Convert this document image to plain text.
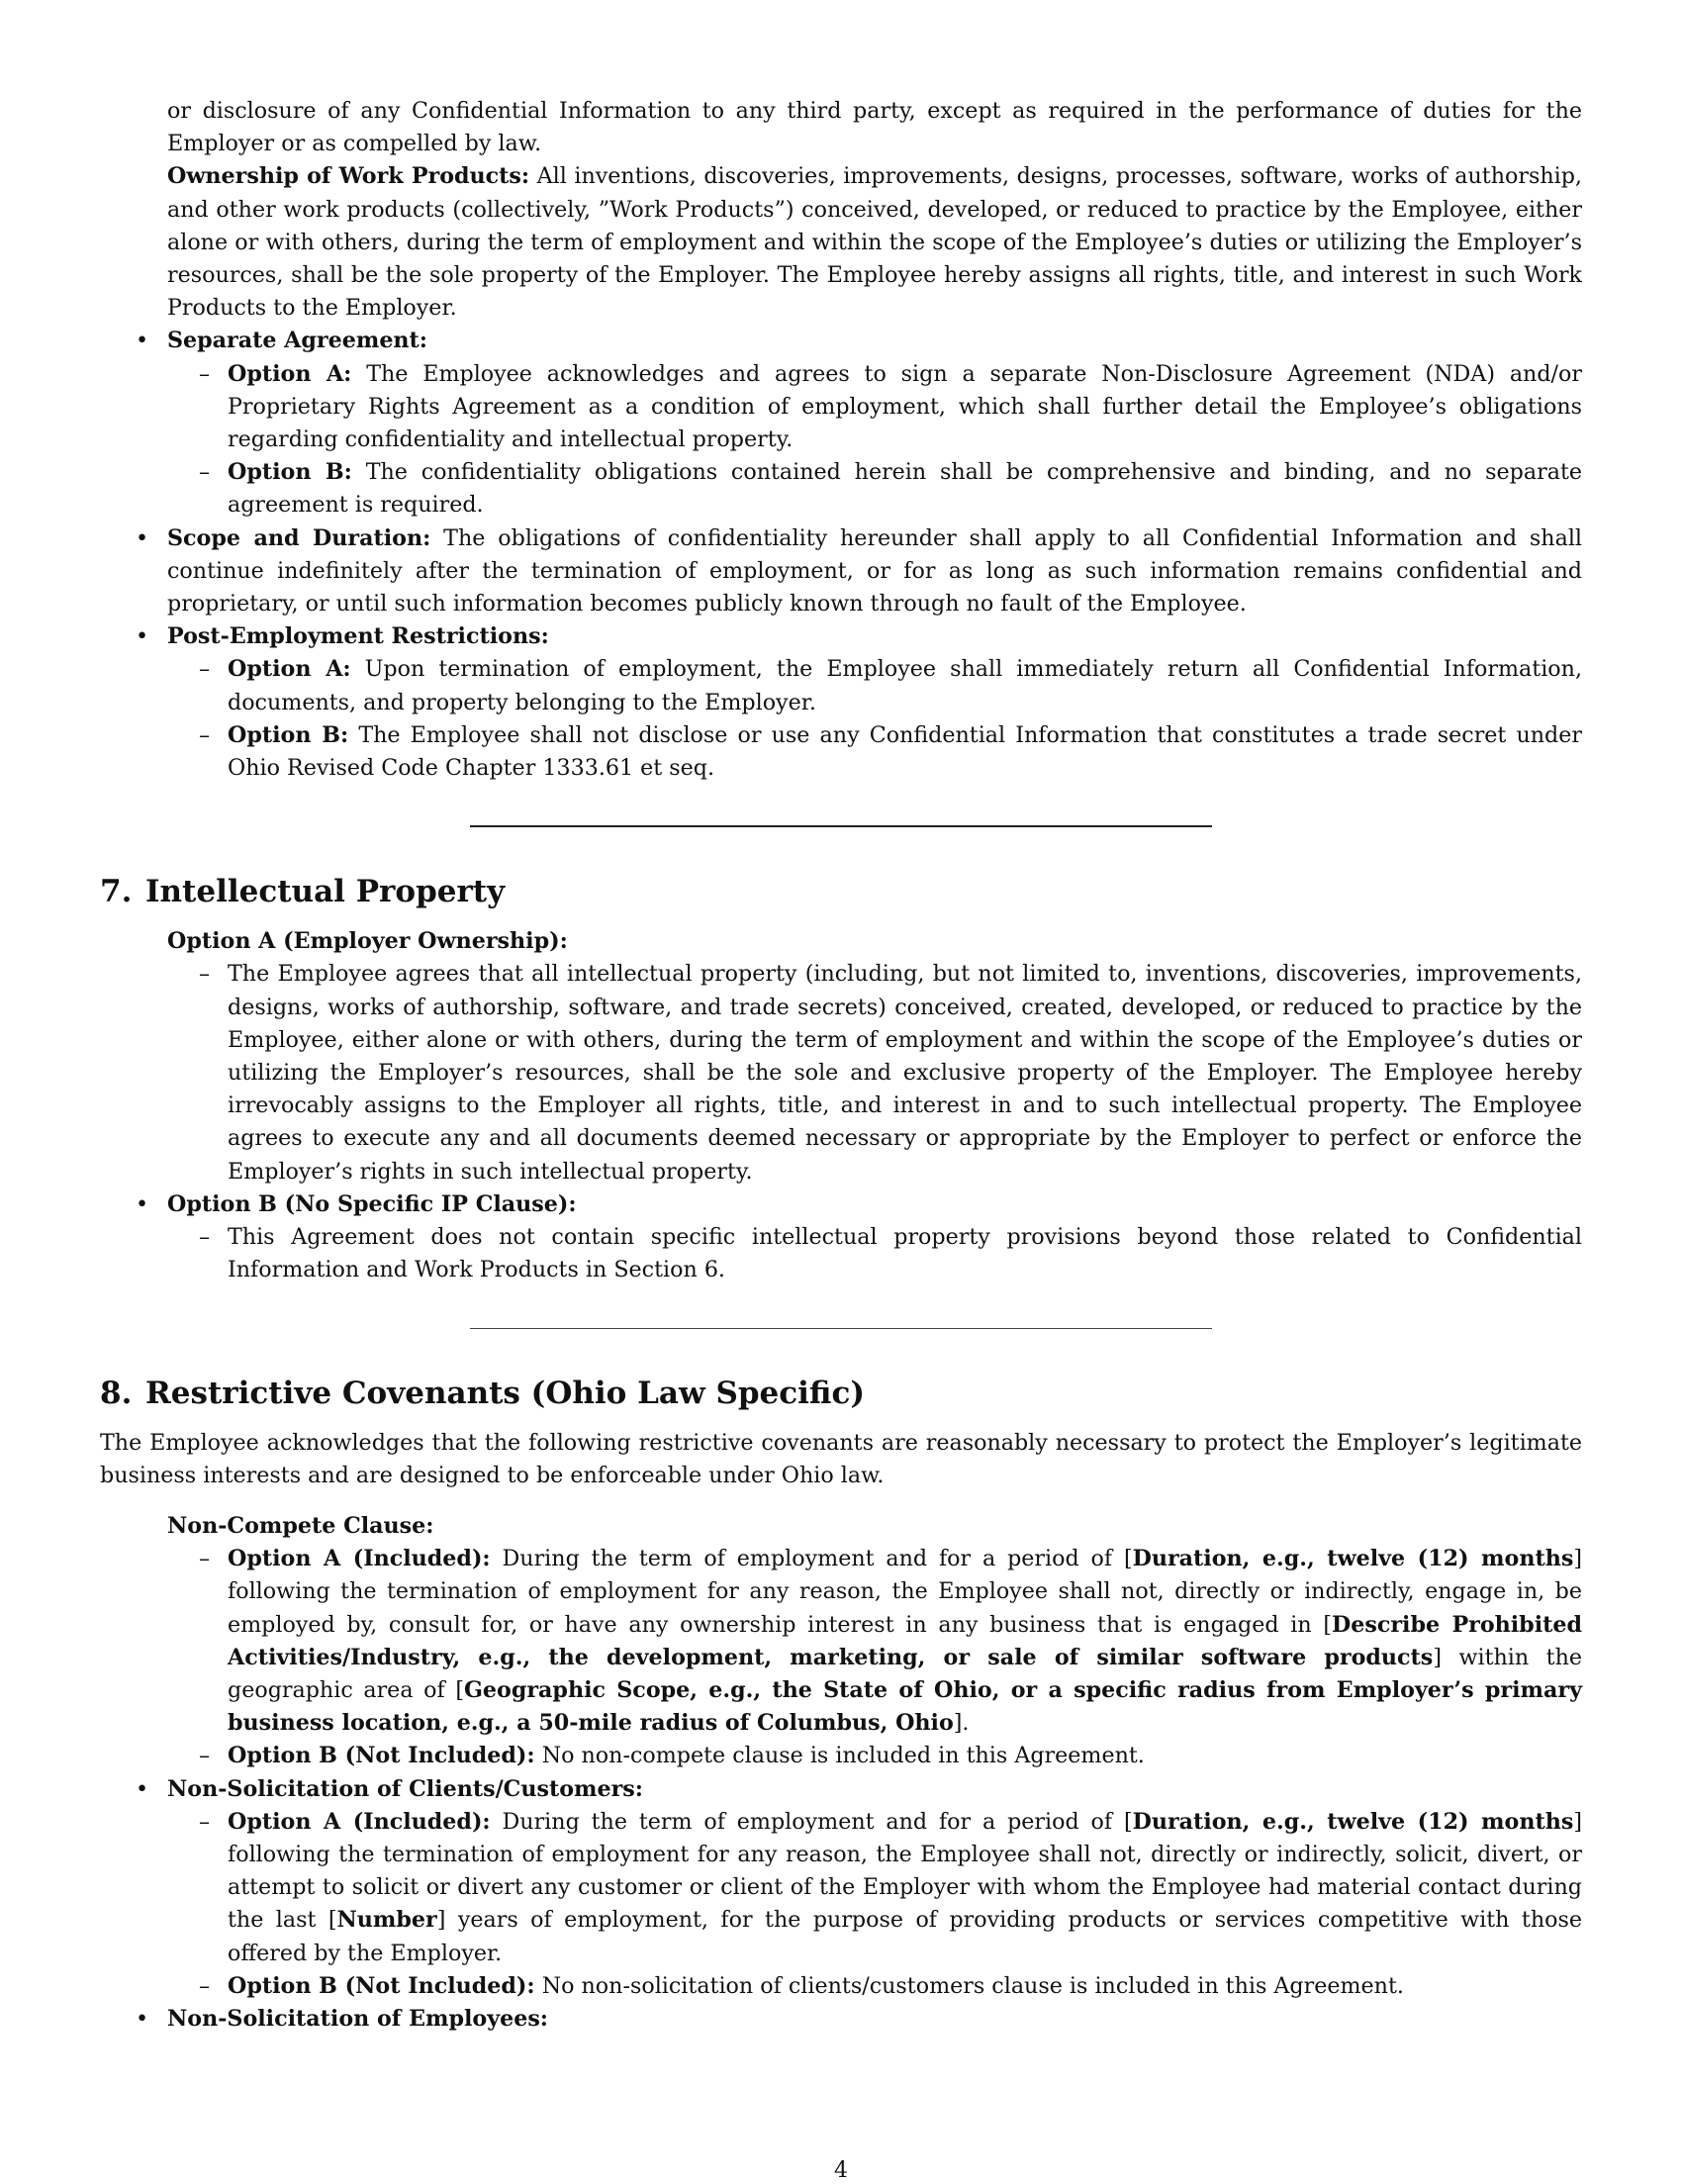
or disclosure of any Confidential Information to any third party, except as required in the performance of duties for the Employer or as compelled by law.
Ownership of Work Products: All inventions, discoveries, improvements, designs, processes, software, works of authorship, and other work products (collectively, ”Work Products”) conceived, developed, or reduced to practice by the Employee, either alone or with others, during the term of employment and within the scope of the Employee’s duties or utilizing the Employer’s resources, shall be the sole property of the Employer. The Employee hereby assigns all rights, title, and interest in such Work Products to the Employer.
• Separate Agreement:
– Option A: The Employee acknowledges and agrees to sign a separate Non-Disclosure Agreement (NDA) and/or Proprietary Rights Agreement as a condition of employment, which shall further detail the Employee’s obligations regarding confidentiality and intellectual property.
– Option B: The confidentiality obligations contained herein shall be comprehensive and binding, and no separate agreement is required.
• Scope and Duration: The obligations of confidentiality hereunder shall apply to all Confidential Information and shall continue indefinitely after the termination of employment, or for as long as such information remains confidential and proprietary, or until such information becomes publicly known through no fault of the Employee.
• Post-Employment Restrictions:
– Option A: Upon termination of employment, the Employee shall immediately return all Confidential Information, documents, and property belonging to the Employer.
– Option B: The Employee shall not disclose or use any Confidential Information that constitutes a trade secret under Ohio Revised Code Chapter 1333.61 et seq.
7. Intellectual Property
Option A (Employer Ownership):
– The Employee agrees that all intellectual property (including, but not limited to, inventions, discoveries, improvements, designs, works of authorship, software, and trade secrets) conceived, created, developed, or reduced to practice by the Employee, either alone or with others, during the term of employment and within the scope of the Employee’s duties or utilizing the Employer’s resources, shall be the sole and exclusive property of the Employer. The Employee hereby irrevocably assigns to the Employer all rights, title, and interest in and to such intellectual property. The Employee agrees to execute any and all documents deemed necessary or appropriate by the Employer to perfect or enforce the Employer’s rights in such intellectual property.
• Option B (No Specific IP Clause):
– This Agreement does not contain specific intellectual property provisions beyond those related to Confidential Information and Work Products in Section 6.
8. Restrictive Covenants (Ohio Law Specific)
The Employee acknowledges that the following restrictive covenants are reasonably necessary to protect the Employer’s legitimate business interests and are designed to be enforceable under Ohio law.
Non-Compete Clause:
– Option A (Included): During the term of employment and for a period of [Duration, e.g., twelve (12) months] following the termination of employment for any reason, the Employee shall not, directly or indirectly, engage in, be employed by, consult for, or have any ownership interest in any business that is engaged in [Describe Prohibited Activities/Industry, e.g., the development, marketing, or sale of similar software products] within the geographic area of [Geographic Scope, e.g., the State of Ohio, or a specific radius from Employer’s primary business location, e.g., a 50-mile radius of Columbus, Ohio].
– Option B (Not Included): No non-compete clause is included in this Agreement.
• Non-Solicitation of Clients/Customers:
– Option A (Included): During the term of employment and for a period of [Duration, e.g., twelve (12) months] following the termination of employment for any reason, the Employee shall not, directly or indirectly, solicit, divert, or attempt to solicit or divert any customer or client of the Employer with whom the Employee had material contact during the last [Number] years of employment, for the purpose of providing products or services competitive with those offered by the Employer.
– Option B (Not Included): No non-solicitation of clients/customers clause is included in this Agreement.
• Non-Solicitation of Employees:
4
